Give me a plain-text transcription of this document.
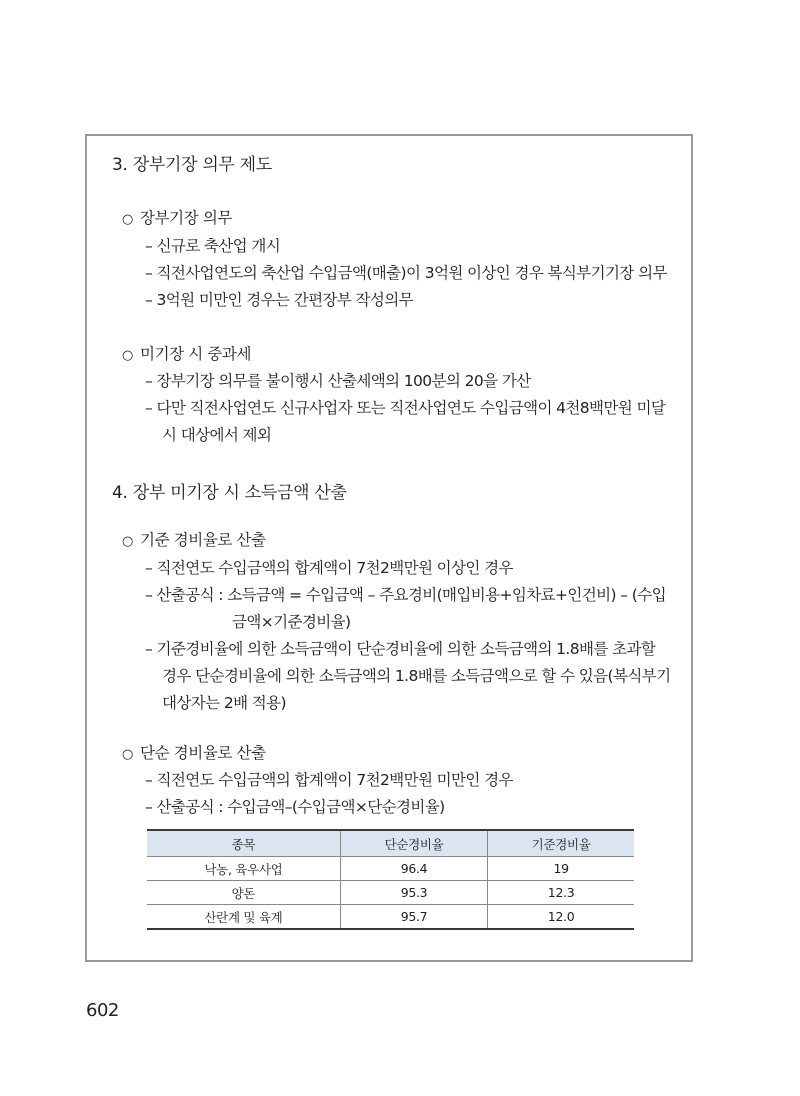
3. 장부기장 의무 제도
○ 장부기장 의무
– 신규로 축산업 개시
– 직전사업연도의 축산업 수입금액(매출)이 3억원 이상인 경우 복식부기기장 의무
– 3억원 미만인 경우는 간편장부 작성의무
○ 미기장 시 중과세
– 장부기장 의무를 불이행시 산출세액의 100분의 20을 가산
– 다만 직전사업연도 신규사업자 또는 직전사업연도 수입금액이 4천8백만원 미달
시 대상에서 제외
4. 장부 미기장 시 소득금액 산출
○ 기준 경비율로 산출
– 직전연도 수입금액의 합계액이 7천2백만원 이상인 경우
– 산출공식 : 소득금액 = 수입금액 – 주요경비(매입비용+임차료+인건비) – (수입
금액×기준경비율)
– 기준경비율에 의한 소득금액이 단순경비율에 의한 소득금액의 1.8배를 초과할
경우 단순경비율에 의한 소득금액의 1.8배를 소득금액으로 할 수 있음(복식부기
대상자는 2배 적용)
○ 단순 경비율로 산출
– 직전연도 수입금액의 합계액이 7천2백만원 미만인 경우
– 산출공식 : 수입금액–(수입금액×단순경비율)
종목	단순경비율	기준경비율
낙농, 육우사업	96.4	19
양돈	95.3	12.3
산란계 및 육계	95.7	12.0
602
